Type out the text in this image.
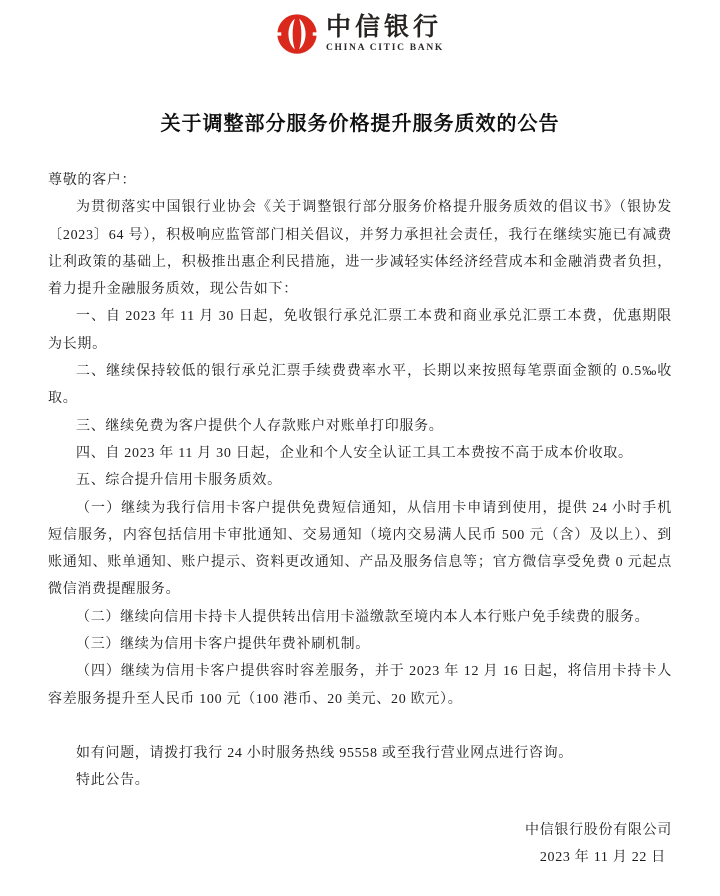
中信银行
CHINA CITIC BANK
关于调整部分服务价格提升服务质效的公告

尊敬的客户：

为贯彻落实中国银行业协会《关于调整银行部分服务价格提升服务质效的倡议书》（银协发〔2023〕64 号），积极响应监管部门相关倡议，并努力承担社会责任，我行在继续实施已有减费让利政策的基础上，积极推出惠企利民措施，进一步减轻实体经济经营成本和金融消费者负担，着力提升金融服务质效，现公告如下：

一、自 2023 年 11 月 30 日起，免收银行承兑汇票工本费和商业承兑汇票工本费，优惠期限为长期。

二、继续保持较低的银行承兑汇票手续费费率水平，长期以来按照每笔票面金额的 0.5‰收取。

三、继续免费为客户提供个人存款账户对账单打印服务。

四、自 2023 年 11 月 30 日起，企业和个人安全认证工具工本费按不高于成本价收取。

五、综合提升信用卡服务质效。

（一）继续为我行信用卡客户提供免费短信通知，从信用卡申请到使用，提供 24 小时手机短信服务，内容包括信用卡审批通知、交易通知（境内交易满人民币 500 元（含）及以上）、到账通知、账单通知、账户提示、资料更改通知、产品及服务信息等；官方微信享受免费 0 元起点微信消费提醒服务。

（二）继续向信用卡持卡人提供转出信用卡溢缴款至境内本人本行账户免手续费的服务。

（三）继续为信用卡客户提供年费补刷机制。

（四）继续为信用卡客户提供容时容差服务，并于 2023 年 12 月 16 日起，将信用卡持卡人容差服务提升至人民币 100 元（100 港币、20 美元、20 欧元）。

如有问题，请拨打我行 24 小时服务热线 95558 或至我行营业网点进行咨询。

特此公告。

中信银行股份有限公司

2023 年 11 月 22 日
